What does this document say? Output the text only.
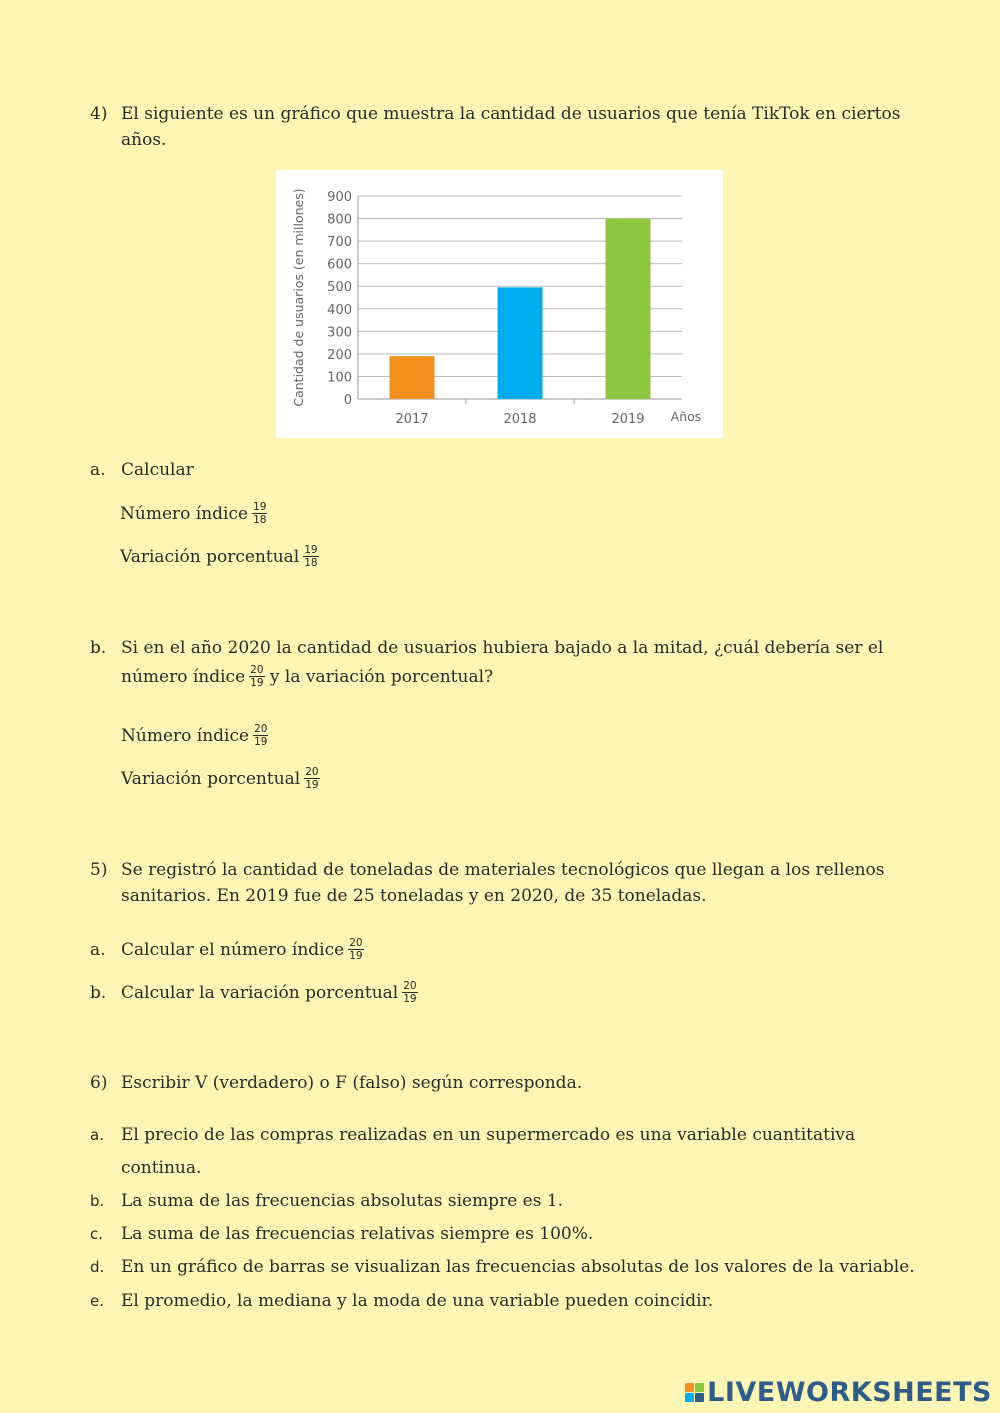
4) El siguiente es un gráfico que muestra la cantidad de usuarios que tenía TikTok en ciertos
años.
0
100
200
300
400
500
600
700
800
900
2017	2018	2019 Años
Cantidad de usuarios (en millones)
a. Calcular
Número índice $\frac{19}{18}$
Variación porcentual $\frac{19}{18}$
b. Si en el año 2020 la cantidad de usuarios hubiera bajado a la mitad, ¿cuál debería ser el
número índice $\frac{20}{19}$ y la variación porcentual?
Número índice $\frac{20}{19}$
Variación porcentual $\frac{20}{19}$
5) Se registró la cantidad de toneladas de materiales tecnológicos que llegan a los rellenos
sanitarios. En 2019 fue de 25 toneladas y en 2020, de 35 toneladas.
a. Calcular el número índice $\frac{20}{19}$
b. Calcular la variación porcentual $\frac{20}{19}$
6) Escribir V (verdadero) o F (falso) según corresponda.
a. El precio de las compras realizadas en un supermercado es una variable cuantitativa
continua.
b. La suma de las frecuencias absolutas siempre es 1.
c. La suma de las frecuencias relativas siempre es 100%.
d. En un gráfico de barras se visualizan las frecuencias absolutas de los valores de la variable.
e. El promedio, la mediana y la moda de una variable pueden coincidir.
LIVEWORKSHEETS
